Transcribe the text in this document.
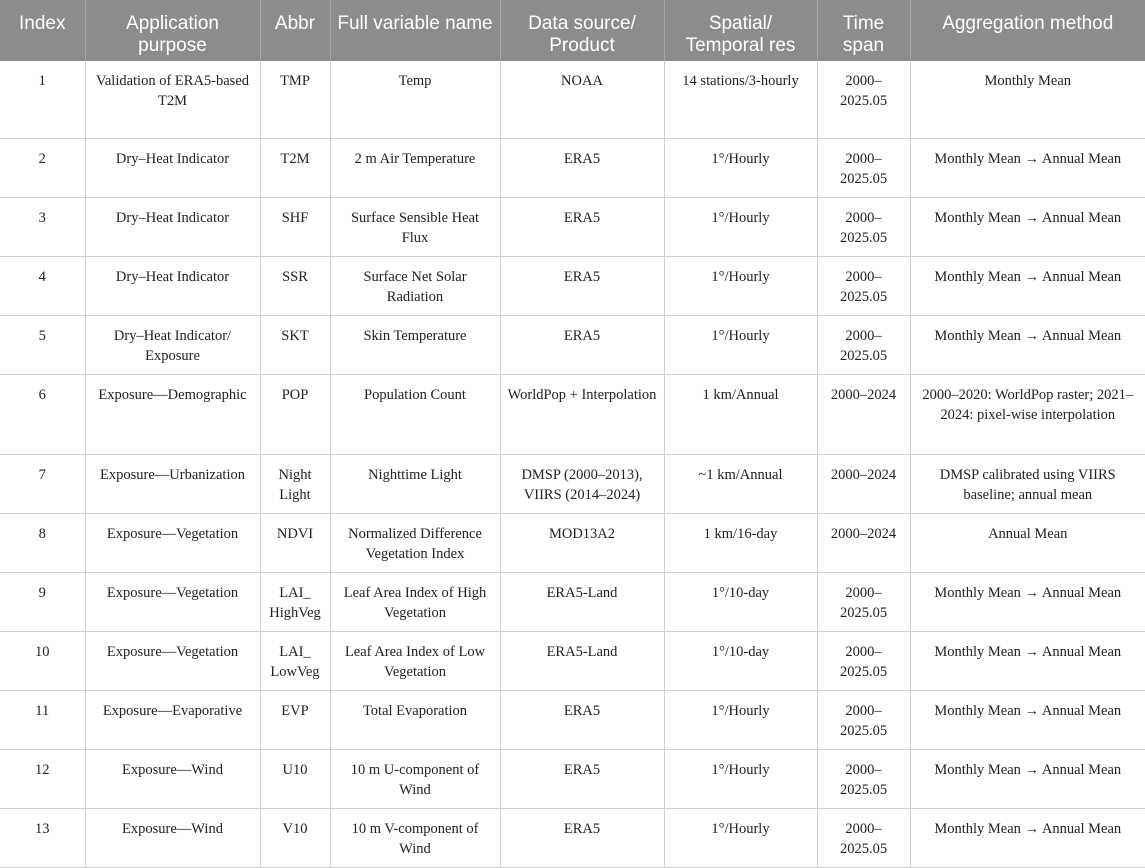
Index	Application purpose	Abbr	Full variable name	Data source/ Product	Spatial/ Temporal res	Time span	Aggregation method
1	Validation of ERA5-based T2M	TMP	Temp	NOAA	14 stations/3-hourly	2000–2025.05	Monthly Mean
2	Dry–Heat Indicator	T2M	2 m Air Temperature	ERA5	1°/Hourly	2000–2025.05	Monthly Mean → Annual Mean
3	Dry–Heat Indicator	SHF	Surface Sensible Heat Flux	ERA5	1°/Hourly	2000–2025.05	Monthly Mean → Annual Mean
4	Dry–Heat Indicator	SSR	Surface Net Solar Radiation	ERA5	1°/Hourly	2000–2025.05	Monthly Mean → Annual Mean
5	Dry–Heat Indicator/ Exposure	SKT	Skin Temperature	ERA5	1°/Hourly	2000–2025.05	Monthly Mean → Annual Mean
6	Exposure—Demographic	POP	Population Count	WorldPop + Interpolation	1 km/Annual	2000–2024	2000–2020: WorldPop raster; 2021–2024: pixel-wise interpolation
7	Exposure—Urbanization	Night Light	Nighttime Light	DMSP (2000–2013), VIIRS (2014–2024)	~1 km/Annual	2000–2024	DMSP calibrated using VIIRS baseline; annual mean
8	Exposure—Vegetation	NDVI	Normalized Difference Vegetation Index	MOD13A2	1 km/16-day	2000–2024	Annual Mean
9	Exposure—Vegetation	LAI_ HighVeg	Leaf Area Index of High Vegetation	ERA5-Land	1°/10-day	2000–2025.05	Monthly Mean → Annual Mean
10	Exposure—Vegetation	LAI_ LowVeg	Leaf Area Index of Low Vegetation	ERA5-Land	1°/10-day	2000–2025.05	Monthly Mean → Annual Mean
11	Exposure—Evaporative	EVP	Total Evaporation	ERA5	1°/Hourly	2000–2025.05	Monthly Mean → Annual Mean
12	Exposure—Wind	U10	10 m U-component of Wind	ERA5	1°/Hourly	2000–2025.05	Monthly Mean → Annual Mean
13	Exposure—Wind	V10	10 m V-component of Wind	ERA5	1°/Hourly	2000–2025.05	Monthly Mean → Annual Mean
